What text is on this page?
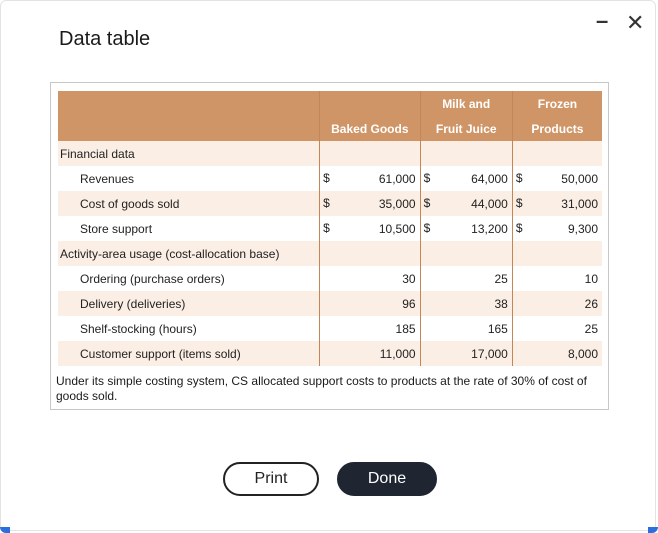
Data table
– ✕
		Milk and	Frozen
	Baked Goods	Fruit Juice	Products
Financial data			
Revenues	$ 61,000	$ 64,000	$ 50,000

Cost of goods sold	$ 35,000	$ 44,000	$ 31,000

Store support	$ 10,500	$ 13,200	$ 9,300

Activity-area usage (cost-allocation base)			
Ordering (purchase orders)	30	25	10

Delivery (deliveries)	96	38	26

Shelf-stocking (hours)	185	165	25

Customer support (items sold)	11,000	17,000	8,000
Under its simple costing system, CS allocated support costs to products at the rate of 30% of cost of goods sold.
Print	Done
